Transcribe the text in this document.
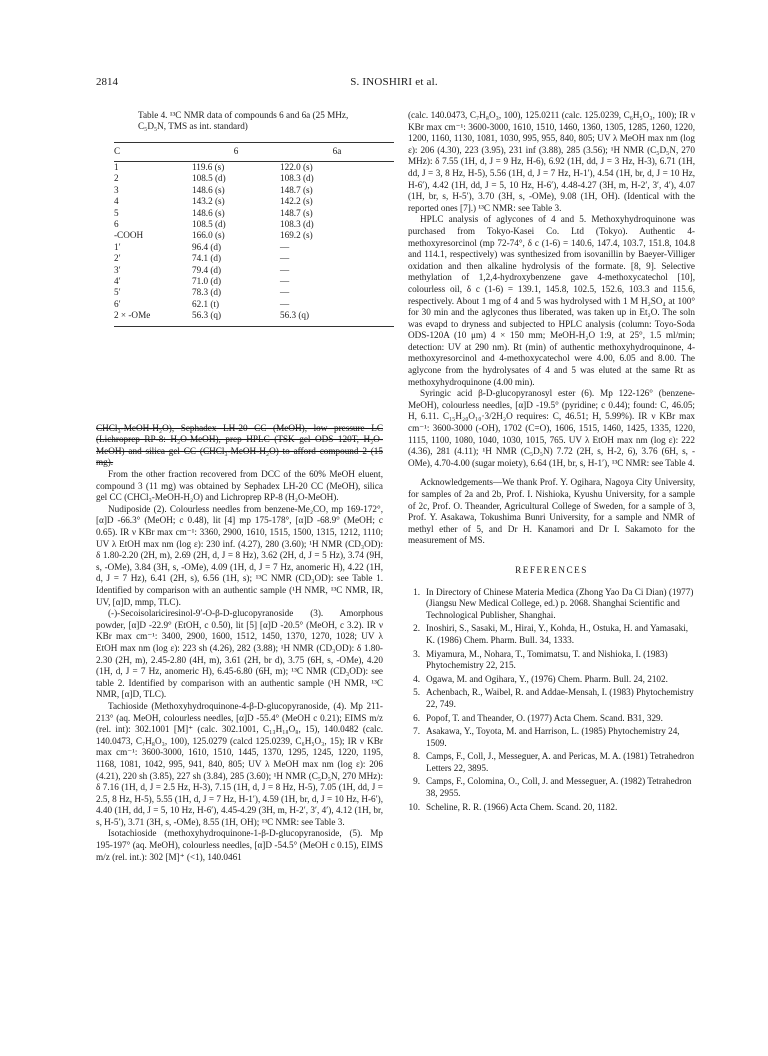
2814	S. INOSHIRI et al.
Table 4. ¹³C NMR data of compounds 6 and 6a (25 MHz, C₅D₅N, TMS as int. standard)
C	6	6a
1	119.6 (s)	122.0 (s)
2	108.5 (d)	108.3 (d)
3	148.6 (s)	148.7 (s)
4	143.2 (s)	142.2 (s)
5	148.6 (s)	148.7 (s)
6	108.5 (d)	108.3 (d)
-COOH	166.0 (s)	169.2 (s)
1′	96.4 (d)	—
2′	74.1 (d)	—
3′	79.4 (d)	—
4′	71.0 (d)	—
5′	78.3 (d)	—
6′	62.1 (t)	—
2 × -OMe	56.3 (q)	56.3 (q)

CHCl₃-MeOH-H₂O), Sephadex LH-20 CC (MeOH), low pressure LC (Lichroprep RP-8: H₂O-MeOH), prep HPLC (TSK gel ODS 120T, H₂O-MeOH) and silica gel CC (CHCl₃-MeOH-H₂O) to afford compound 2 (15 mg).

From the other fraction recovered from DCC of the 60% MeOH eluent, compound 3 (11 mg) was obtained by Sephadex LH-20 CC (MeOH), silica gel CC (CHCl₃-MeOH-H₂O) and Lichroprep RP-8 (H₂O-MeOH).

Nudiposide (2). Colourless needles from benzene-Me₂CO, mp 169-172°, [α]D -66.3° (MeOH; c 0.48), lit [4] mp 175-178°, [α]D -68.9° (MeOH; c 0.65). IR ν KBr max cm⁻¹: 3360, 2900, 1610, 1515, 1500, 1315, 1212, 1110; UV λ EtOH max nm (log ε): 230 inf. (4.27), 280 (3.60); ¹H NMR (CD₃OD): δ 1.80-2.20 (2H, m), 2.69 (2H, d, J = 8 Hz), 3.62 (2H, d, J = 5 Hz), 3.74 (9H, s, -OMe), 3.84 (3H, s, -OMe), 4.09 (1H, d, J = 7 Hz, anomeric H), 4.22 (1H, d, J = 7 Hz), 6.41 (2H, s), 6.56 (1H, s); ¹³C NMR (CD₃OD): see Table 1. Identified by comparison with an authentic sample (¹H NMR, ¹³C NMR, IR, UV, [α]D, mmp, TLC).

(-)-Secoisolariciresinol-9′-O-β-D-glucopyranoside (3). Amorphous powder, [α]D -22.9° (EtOH, c 0.50), lit [5] [α]D -20.5° (MeOH, c 3.2). IR ν KBr max cm⁻¹: 3400, 2900, 1600, 1512, 1450, 1370, 1270, 1028; UV λ EtOH max nm (log ε): 223 sh (4.26), 282 (3.88); ¹H NMR (CD₃OD): δ 1.80-2.30 (2H, m), 2.45-2.80 (4H, m), 3.61 (2H, br d), 3.75 (6H, s, -OMe), 4.20 (1H, d, J = 7 Hz, anomeric H), 6.45-6.80 (6H, m); ¹³C NMR (CD₃OD): see table 2. Identified by comparison with an authentic sample (¹H NMR, ¹³C NMR, [α]D, TLC).

Tachioside (Methoxyhydroquinone-4-β-D-glucopyranoside, (4). Mp 211-213° (aq. MeOH, colourless needles, [α]D -55.4° (MeOH c 0.21); EIMS m/z (rel. int): 302.1001 [M]⁺ (calc. 302.1001, C₁₃H₁₈O₈, 15), 140.0482 (calc. 140.0473, C₇H₈O₃, 100), 125.0279 (calcd 125.0239, C₆H₅O₃, 15); IR ν KBr max cm⁻¹: 3600-3000, 1610, 1510, 1445, 1370, 1295, 1245, 1220, 1195, 1168, 1081, 1042, 995, 941, 840, 805; UV λ MeOH max nm (log ε): 206 (4.21), 220 sh (3.85), 227 sh (3.84), 285 (3.60); ¹H NMR (C₅D₅N, 270 MHz): δ 7.16 (1H, d, J = 2.5 Hz, H-3), 7.15 (1H, d, J = 8 Hz, H-5), 7.05 (1H, dd, J = 2.5, 8 Hz, H-5), 5.55 (1H, d, J = 7 Hz, H-1′), 4.59 (1H, br, d, J = 10 Hz, H-6′), 4.40 (1H, dd, J = 5, 10 Hz, H-6′), 4.45-4.29 (3H, m, H-2′, 3′, 4′), 4.12 (1H, br, s, H-5′), 3.71 (3H, s, -OMe), 8.55 (1H, OH); ¹³C NMR: see Table 3.

Isotachioside (methoxyhydroquinone-1-β-D-glucopyranoside, (5). Mp 195-197° (aq. MeOH), colourless needles, [α]D -54.5° (MeOH c 0.15), EIMS m/z (rel. int.): 302 [M]⁺ (<1), 140.0461

(calc. 140.0473, C₇H₈O₃, 100), 125.0211 (calc. 125.0239, C₆H₅O₃, 100); IR ν KBr max cm⁻¹: 3600-3000, 1610, 1510, 1460, 1360, 1305, 1285, 1260, 1220, 1200, 1160, 1130, 1081, 1030, 995, 955, 840, 805; UV λ MeOH max nm (log ε): 206 (4.30), 223 (3.95), 231 inf (3.88), 285 (3.56); ¹H NMR (C₅D₅N, 270 MHz): δ 7.55 (1H, d, J = 9 Hz, H-6), 6.92 (1H, dd, J = 3 Hz, H-3), 6.71 (1H, dd, J = 3, 8 Hz, H-5), 5.56 (1H, d, J = 7 Hz, H-1′), 4.54 (1H, br, d, J = 10 Hz, H-6′), 4.42 (1H, dd, J = 5, 10 Hz, H-6′), 4.48-4.27 (3H, m, H-2′, 3′, 4′), 4.07 (1H, br, s, H-5′), 3.70 (3H, s, -OMe), 9.08 (1H, OH). (Identical with the reported ones [7].) ¹³C NMR: see Table 3.

HPLC analysis of aglycones of 4 and 5. Methoxyhydroquinone was purchased from Tokyo-Kasei Co. Ltd (Tokyo). Authentic 4-methoxyresorcinol (mp 72-74°, δ c (1-6) = 140.6, 147.4, 103.7, 151.8, 104.8 and 114.1, respectively) was synthesized from isovanillin by Baeyer-Villiger oxidation and then alkaline hydrolysis of the formate. [8, 9]. Selective methylation of 1,2,4-hydroxybenzene gave 4-methoxycatechol [10], colourless oil, δ c (1-6) = 139.1, 145.8, 102.5, 152.6, 103.3 and 115.6, respectively. About 1 mg of 4 and 5 was hydrolysed with 1 M H₂SO₄ at 100° for 30 min and the aglycones thus liberated, was taken up in Et₂O. The soln was evapd to dryness and subjected to HPLC analysis (column: Toyo-Soda ODS-120A (10 μm) 4 × 150 mm; MeOH-H₂O 1:9, at 25°, 1.5 ml/min; detection: UV at 290 nm). Rt (min) of authentic methoxyhydroquinone, 4-methoxyresorcinol and 4-methoxycatechol were 4.00, 6.05 and 8.00. The aglycone from the hydrolysates of 4 and 5 was eluted at the same Rt as methoxyhydroquinone (4.00 min).

Syringic acid β-D-glucopyranosyl ester (6). Mp 122-126° (benzene-MeOH), colourless needles, [α]D -19.5° (pyridine; c 0.44); found: C, 46.05; H, 6.11. C₁₅H₂₀O₁₀·3/2H₂O requires: C, 46.51; H, 5.99%). IR ν KBr max cm⁻¹: 3600-3000 (-OH), 1702 (C=O), 1606, 1515, 1460, 1425, 1335, 1220, 1115, 1100, 1080, 1040, 1030, 1015, 765. UV λ EtOH max nm (log ε): 222 (4.36), 281 (4.11); ¹H NMR (C₅D₅N) 7.72 (2H, s, H-2, 6), 3.76 (6H, s, -OMe), 4.70-4.00 (sugar moiety), 6.64 (1H, br, s, H-1′), ¹³C NMR: see Table 4.

Acknowledgements—We thank Prof. Y. Ogihara, Nagoya City University, for samples of 2a and 2b, Prof. I. Nishioka, Kyushu University, for a sample of 2c, Prof. O. Theander, Agricultural College of Sweden, for a sample of 3, Prof. Y. Asakawa, Tokushima Bunri University, for a sample and NMR of methyl ether of 5, and Dr H. Kanamori and Dr I. Sakamoto for the measurement of MS.

REFERENCES
1. In Directory of Chinese Materia Medica (Zhong Yao Da Ci Dian) (1977) (Jiangsu New Medical College, ed.) p. 2068. Shanghai Scientific and Technological Publisher, Shanghai.
2. Inoshiri, S., Sasaki, M., Hirai, Y., Kohda, H., Ostuka, H. and Yamasaki, K. (1986) Chem. Pharm. Bull. 34, 1333.
3. Miyamura, M., Nohara, T., Tomimatsu, T. and Nishioka, I. (1983) Phytochemistry 22, 215.
4. Ogawa, M. and Ogihara, Y., (1976) Chem. Pharm. Bull. 24, 2102.
5. Achenbach, R., Waibel, R. and Addae-Mensah, I. (1983) Phytochemistry 22, 749.
6. Popof, T. and Theander, O. (1977) Acta Chem. Scand. B31, 329.
7. Asakawa, Y., Toyota, M. and Harrison, L. (1985) Phytochemistry 24, 1509.
8. Camps, F., Coll, J., Messeguer, A. and Pericas, M. A. (1981) Tetrahedron Letters 22, 3895.
9. Camps, F., Colomina, O., Coll, J. and Messeguer, A. (1982) Tetrahedron 38, 2955.
10. Scheline, R. R. (1966) Acta Chem. Scand. 20, 1182.
